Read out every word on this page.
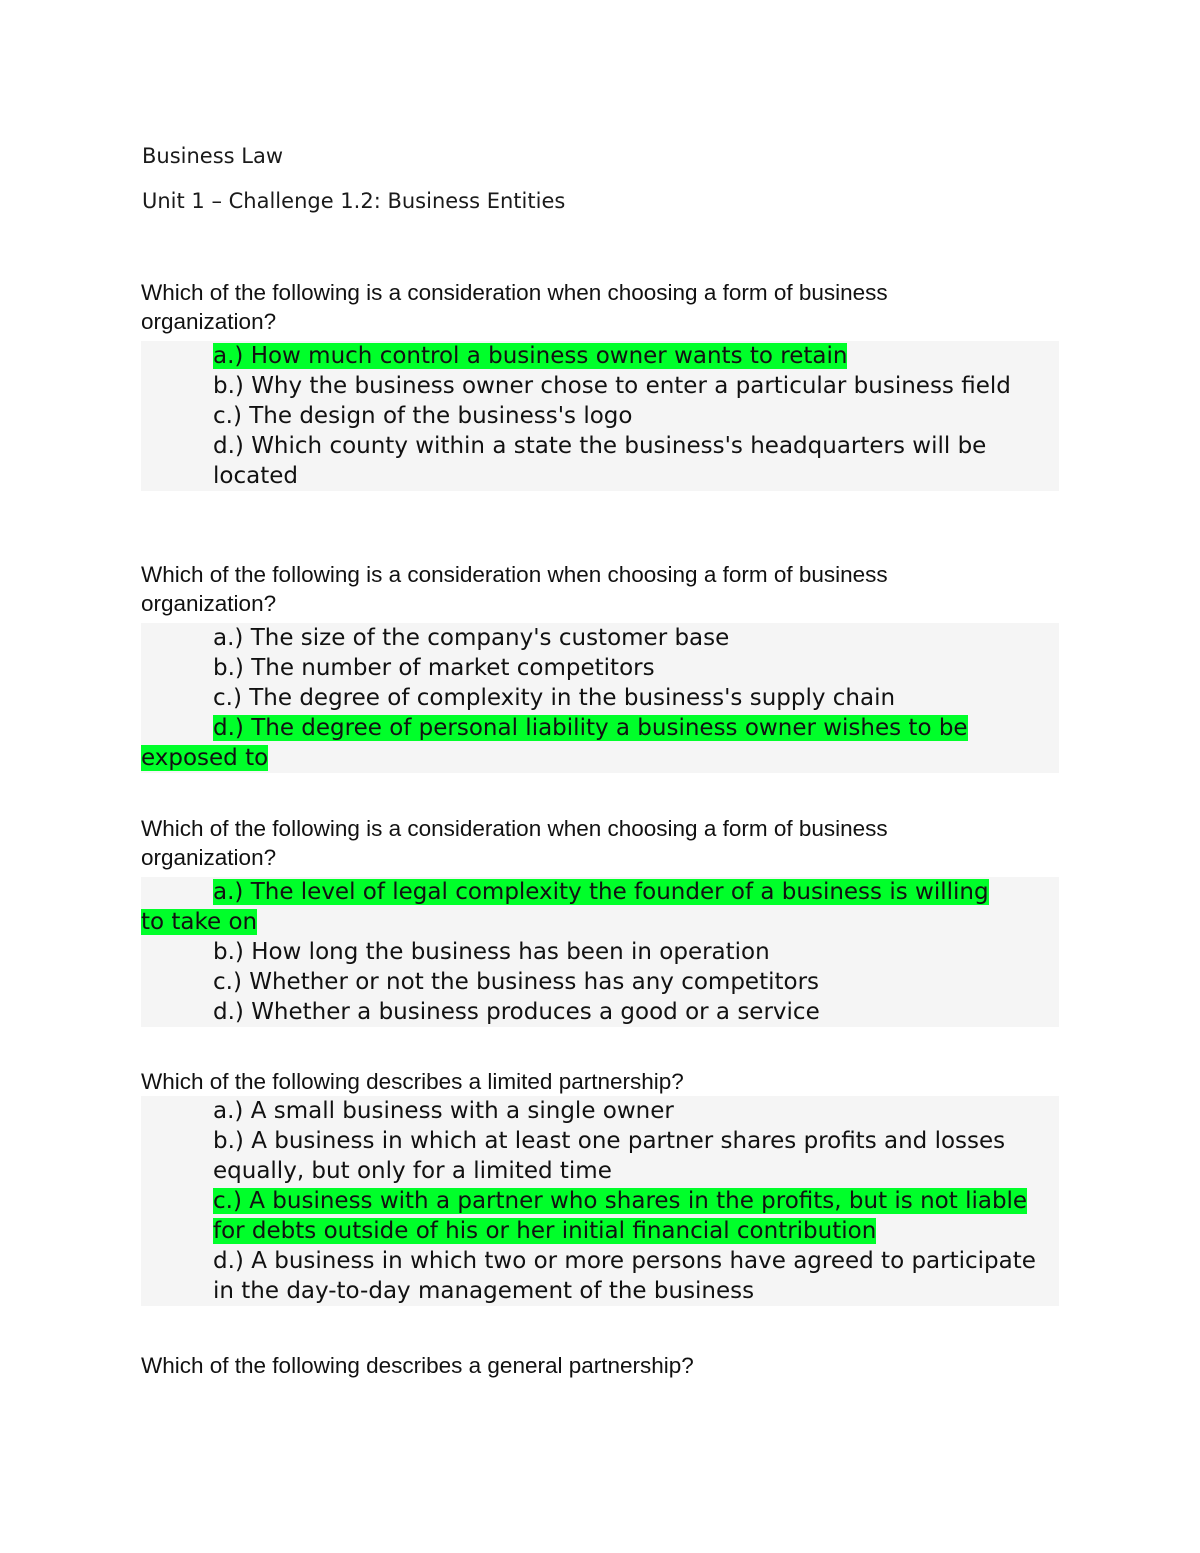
Business Law
Unit 1 – Challenge 1.2: Business Entities
Which of the following is a consideration when choosing a form of business organization?
a.) How much control a business owner wants to retain
b.) Why the business owner chose to enter a particular business field
c.) The design of the business's logo
d.) Which county within a state the business's headquarters will be located
Which of the following is a consideration when choosing a form of business organization?
a.) The size of the company's customer base
b.) The number of market competitors
c.) The degree of complexity in the business's supply chain
d.) The degree of personal liability a business owner wishes to be exposed to
Which of the following is a consideration when choosing a form of business organization?
a.) The level of legal complexity the founder of a business is willing to take on
b.) How long the business has been in operation
c.) Whether or not the business has any competitors
d.) Whether a business produces a good or a service
Which of the following describes a limited partnership?
a.) A small business with a single owner
b.) A business in which at least one partner shares profits and losses equally, but only for a limited time
c.) A business with a partner who shares in the profits, but is not liable for debts outside of his or her initial financial contribution
d.) A business in which two or more persons have agreed to participate in the day-to-day management of the business
Which of the following describes a general partnership?
